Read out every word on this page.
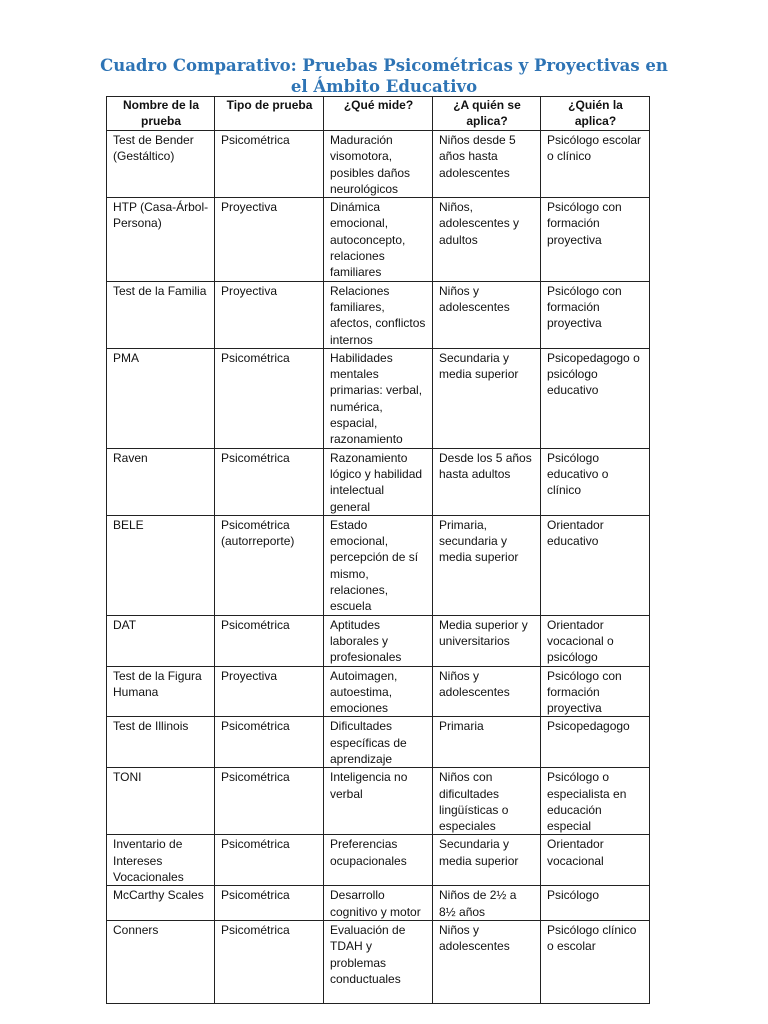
Cuadro Comparativo: Pruebas Psicométricas y Proyectivas en el Ámbito Educativo
Nombre de la prueba	Tipo de prueba	¿Qué mide?	¿A quién se aplica?	¿Quién la aplica?
Test de Bender (Gestáltico)	Psicométrica	Maduración visomotora, posibles daños neurológicos	Niños desde 5 años hasta adolescentes	Psicólogo escolar o clínico
HTP (Casa-Árbol-Persona)	Proyectiva	Dinámica emocional, autoconcepto, relaciones familiares	Niños, adolescentes y adultos	Psicólogo con formación proyectiva
Test de la Familia	Proyectiva	Relaciones familiares, afectos, conflictos internos	Niños y adolescentes	Psicólogo con formación proyectiva
PMA	Psicométrica	Habilidades mentales primarias: verbal, numérica, espacial, razonamiento	Secundaria y media superior	Psicopedagogo o psicólogo educativo
Raven	Psicométrica	Razonamiento lógico y habilidad intelectual general	Desde los 5 años hasta adultos	Psicólogo educativo o clínico
BELE	Psicométrica (autorreporte)	Estado emocional, percepción de sí mismo, relaciones, escuela	Primaria, secundaria y media superior	Orientador educativo
DAT	Psicométrica	Aptitudes laborales y profesionales	Media superior y universitarios	Orientador vocacional o psicólogo
Test de la Figura Humana	Proyectiva	Autoimagen, autoestima, emociones	Niños y adolescentes	Psicólogo con formación proyectiva
Test de Illinois	Psicométrica	Dificultades específicas de aprendizaje	Primaria	Psicopedagogo
TONI	Psicométrica	Inteligencia no verbal	Niños con dificultades lingüísticas o especiales	Psicólogo o especialista en educación especial
Inventario de Intereses Vocacionales	Psicométrica	Preferencias ocupacionales	Secundaria y media superior	Orientador vocacional
McCarthy Scales	Psicométrica	Desarrollo cognitivo y motor	Niños de 2½ a 8½ años	Psicólogo
Conners	Psicométrica	Evaluación de TDAH y problemas conductuales	Niños y adolescentes	Psicólogo clínico o escolar
